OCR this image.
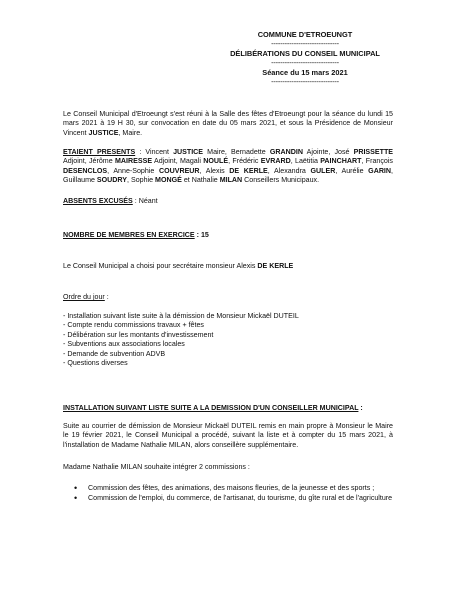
COMMUNE D'ETROEUNGT
------------------------------
DÉLIBÉRATIONS DU CONSEIL MUNICIPAL
------------------------------
Séance du 15 mars 2021
------------------------------
Le Conseil Municipal d'Etroeungt s'est réuni à la Salle des fêtes d'Etroeungt pour la séance du lundi 15 mars 2021 à 19 H 30, sur convocation en date du 05 mars 2021, et sous la Présidence de Monsieur Vincent JUSTICE, Maire.
ETAIENT PRESENTS : Vincent JUSTICE Maire, Bernadette GRANDIN Ajointe, José PRISSETTE Adjoint, Jérôme MAIRESSE Adjoint, Magali NOULÉ, Frédéric EVRARD, Laëtitia PAINCHART, François DESENCLOS, Anne-Sophie COUVREUR, Alexis DE KERLE, Alexandra GULER, Aurélie GARIN, Guillaume SOUDRY, Sophie MONGÉ et Nathalie MILAN Conseillers Municipaux.
ABSENTS EXCUSÉS : Néant
NOMBRE DE MEMBRES EN EXERCICE : 15
Le Conseil Municipal a choisi pour secrétaire monsieur Alexis DE KERLE
Ordre du jour :
- Installation suivant liste suite à la démission de Monsieur Mickaël DUTEIL
- Compte rendu commissions travaux + fêtes
- Délibération sur les montants d'investissement
- Subventions aux associations locales
- Demande de subvention ADVB
- Questions diverses
INSTALLATION SUIVANT LISTE SUITE A LA DEMISSION D'UN CONSEILLER MUNICIPAL :
Suite au courrier de démission de Monsieur Mickaël DUTEIL remis en main propre à Monsieur le Maire le 19 février 2021, le Conseil Municipal a procédé, suivant la liste et à compter du 15 mars 2021, à l'installation de Madame Nathalie MILAN, alors conseillère supplémentaire.
Madame Nathalie MILAN souhaite intégrer 2 commissions :
• Commission des fêtes, des animations, des maisons fleuries, de la jeunesse et des sports ;
• Commission de l'emploi, du commerce, de l'artisanat, du tourisme, du gîte rural et de l'agriculture
